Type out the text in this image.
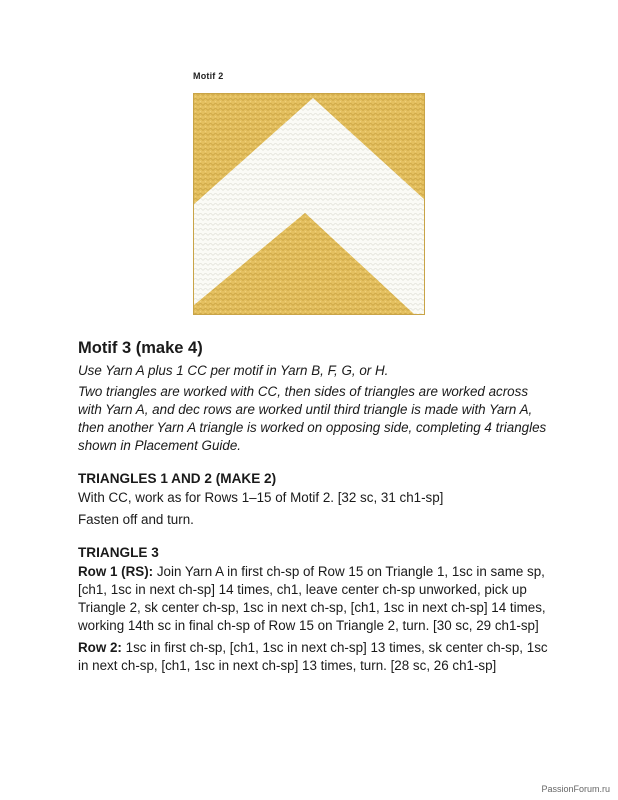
Motif 2
Motif 3 (make 4)

Use Yarn A plus 1 CC per motif in Yarn B, F, G, or H.

Two triangles are worked with CC, then sides of triangles are worked across with Yarn A, and dec rows are worked until third triangle is made with Yarn A, then another Yarn A triangle is worked on opposing side, completing 4 triangles shown in Placement Guide.

TRIANGLES 1 AND 2 (MAKE 2)

With CC, work as for Rows 1–15 of Motif 2. [32 sc, 31 ch1-sp]

Fasten off and turn.

TRIANGLE 3

Row 1 (RS): Join Yarn A in first ch-sp of Row 15 on Triangle 1, 1sc in same sp, [ch1, 1sc in next ch-sp] 14 times, ch1, leave center ch-sp unworked, pick up Triangle 2, sk center ch-sp, 1sc in next ch-sp, [ch1, 1sc in next ch-sp] 14 times, working 14th sc in final ch-sp of Row 15 on Triangle 2, turn. [30 sc, 29 ch1-sp]

Row 2: 1sc in first ch-sp, [ch1, 1sc in next ch-sp] 13 times, sk center ch-sp, 1sc in next ch-sp, [ch1, 1sc in next ch-sp] 13 times, turn. [28 sc, 26 ch1-sp]

PassionForum.ru
